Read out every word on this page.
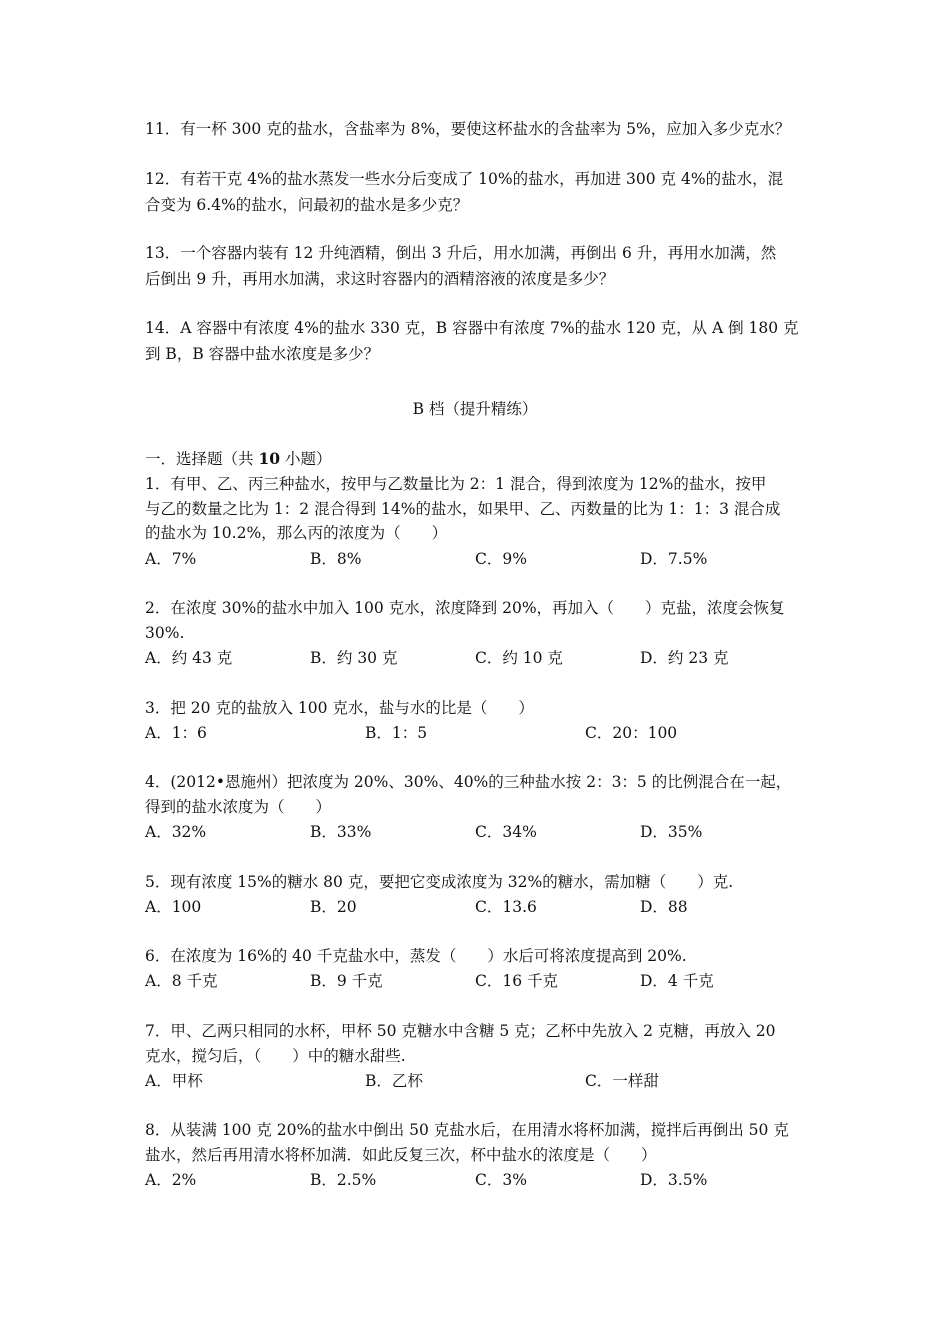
11．有一杯 300 克的盐水，含盐率为 8%，要使这杯盐水的含盐率为 5%，应加入多少克水？
12．有若干克 4%的盐水蒸发一些水分后变成了 10%的盐水，再加进 300 克 4%的盐水，混
合变为 6.4%的盐水，问最初的盐水是多少克？
13．一个容器内装有 12 升纯酒精，倒出 3 升后，用水加满，再倒出 6 升，再用水加满，然
后倒出 9 升，再用水加满，求这时容器内的酒精溶液的浓度是多少？
14．A 容器中有浓度 4%的盐水 330 克，B 容器中有浓度 7%的盐水 120 克，从 A 倒 180 克
到 B，B 容器中盐水浓度是多少？
B 档（提升精练）
一．选择题（共 10 小题）
1．有甲、乙、丙三种盐水，按甲与乙数量比为 2：1 混合，得到浓度为 12%的盐水，按甲
与乙的数量之比为 1：2 混合得到 14%的盐水，如果甲、乙、丙数量的比为 1：1：3 混合成
的盐水为 10.2%，那么丙的浓度为（　　）
A．7%	B．8%	C．9%	D．7.5%
2．在浓度 30%的盐水中加入 100 克水，浓度降到 20%，再加入（　　）克盐，浓度会恢复
30%.
A．约 43 克	B．约 30 克	C．约 10 克	D．约 23 克
3．把 20 克的盐放入 100 克水，盐与水的比是（　　）
A．1：6	B．1：5	C．20：100
4．(2012•恩施州）把浓度为 20%、30%、40%的三种盐水按 2：3：5 的比例混合在一起，
得到的盐水浓度为（　　）
A．32%	B．33%	C．34%	D．35%
5．现有浓度 15%的糖水 80 克，要把它变成浓度为 32%的糖水，需加糖（　　）克.
A．100	B．20	C．13.6	D．88
6．在浓度为 16%的 40 千克盐水中，蒸发（　　）水后可将浓度提高到 20%.
A．8 千克	B．9 千克	C．16 千克	D．4 千克
7．甲、乙两只相同的水杯，甲杯 50 克糖水中含糖 5 克；乙杯中先放入 2 克糖，再放入 20
克水，搅匀后，（　　）中的糖水甜些.
A．甲杯	B．乙杯	C．一样甜
8．从装满 100 克 20%的盐水中倒出 50 克盐水后，在用清水将杯加满，搅拌后再倒出 50 克
盐水，然后再用清水将杯加满．如此反复三次，杯中盐水的浓度是（　　）
A．2%	B．2.5%	C．3%	D．3.5%
